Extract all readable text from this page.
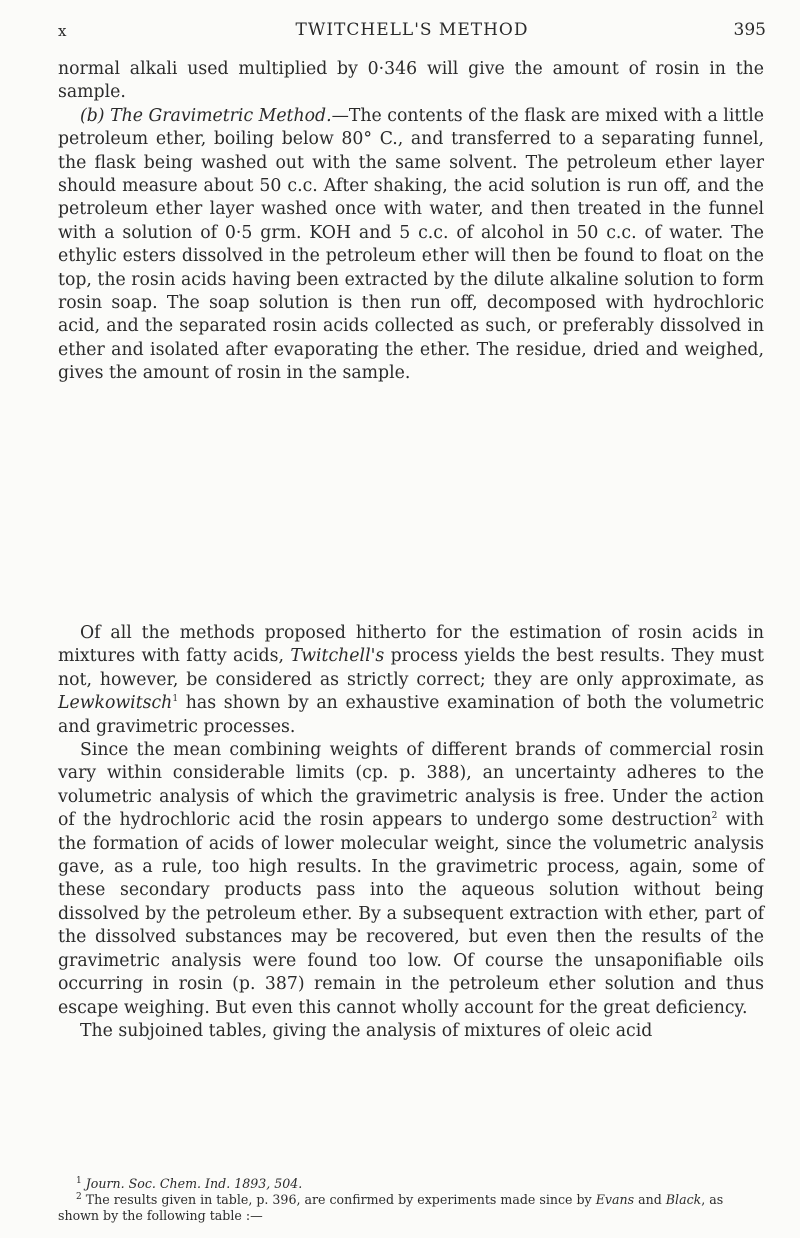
x	TWITCHELL'S METHOD	395

normal alkali used multiplied by 0·346 will give the amount of rosin in the sample.

(b) The Gravimetric Method.—The contents of the flask are mixed with a little petroleum ether, boiling below 80° C., and transferred to a separating funnel, the flask being washed out with the same solvent. The petroleum ether layer should measure about 50 c.c. After shaking, the acid solution is run off, and the petroleum ether layer washed once with water, and then treated in the funnel with a solution of 0·5 grm. KOH and 5 c.c. of alcohol in 50 c.c. of water. The ethylic esters dissolved in the petroleum ether will then be found to float on the top, the rosin acids having been extracted by the dilute alkaline solution to form rosin soap. The soap solution is then run off, decomposed with hydrochloric acid, and the separated rosin acids collected as such, or preferably dissolved in ether and isolated after evaporating the ether. The residue, dried and weighed, gives the amount of rosin in the sample.

Of all the methods proposed hitherto for the estimation of rosin acids in mixtures with fatty acids, Twitchell's process yields the best results. They must not, however, be considered as strictly correct; they are only approximate, as Lewkowitsch$^1$ has shown by an exhaustive examination of both the volumetric and gravimetric processes.

Since the mean combining weights of different brands of commercial rosin vary within considerable limits (cp. p. 388), an uncertainty adheres to the volumetric analysis of which the gravimetric analysis is free. Under the action of the hydrochloric acid the rosin appears to undergo some destruction$^2$ with the formation of acids of lower molecular weight, since the volumetric analysis gave, as a rule, too high results. In the gravimetric process, again, some of these secondary products pass into the aqueous solution without being dissolved by the petroleum ether. By a subsequent extraction with ether, part of the dissolved substances may be recovered, but even then the results of the gravimetric analysis were found too low. Of course the unsaponifiable oils occurring in rosin (p. 387) remain in the petroleum ether solution and thus escape weighing. But even this cannot wholly account for the great deficiency.

The subjoined tables, giving the analysis of mixtures of oleic acid

$^1$ Journ. Soc. Chem. Ind. 1893, 504.

$^2$ The results given in table, p. 396, are confirmed by experiments made since by Evans and Black, as shown by the following table :—
